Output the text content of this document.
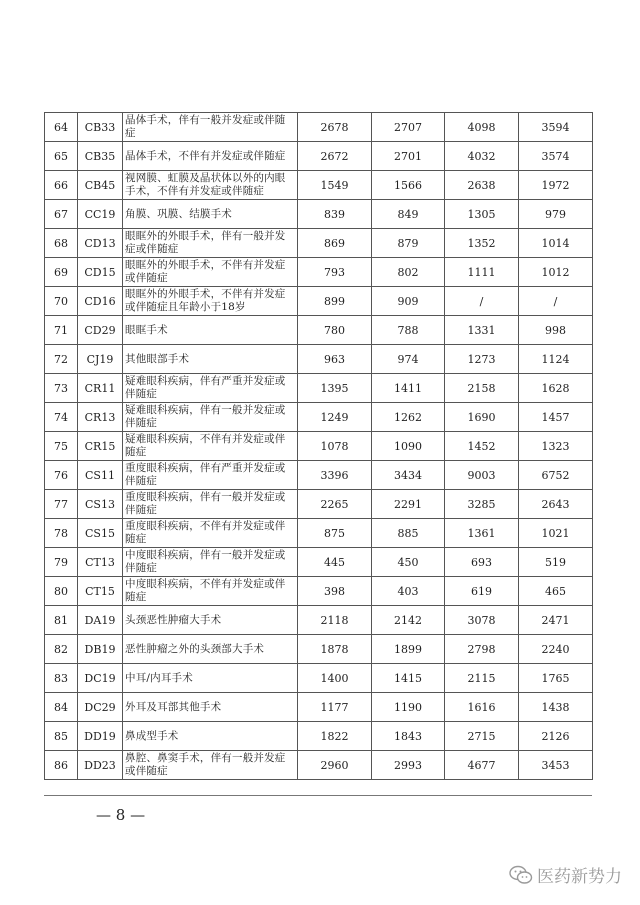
64	CB33	晶体手术，伴有一般并发症或伴随症	2678	2707	4098	3594
65	CB35	晶体手术，不伴有并发症或伴随症	2672	2701	4032	3574
66	CB45	视网膜、虹膜及晶状体以外的内眼手术，不伴有并发症或伴随症	1549	1566	2638	1972
67	CC19	角膜、巩膜、结膜手术	839	849	1305	979
68	CD13	眼眶外的外眼手术，伴有一般并发症或伴随症	869	879	1352	1014
69	CD15	眼眶外的外眼手术，不伴有并发症或伴随症	793	802	1111	1012
70	CD16	眼眶外的外眼手术，不伴有并发症或伴随症且年龄小于18岁	899	909	/	/
71	CD29	眼眶手术	780	788	1331	998
72	CJ19	其他眼部手术	963	974	1273	1124
73	CR11	疑难眼科疾病，伴有严重并发症或伴随症	1395	1411	2158	1628
74	CR13	疑难眼科疾病，伴有一般并发症或伴随症	1249	1262	1690	1457
75	CR15	疑难眼科疾病，不伴有并发症或伴随症	1078	1090	1452	1323
76	CS11	重度眼科疾病，伴有严重并发症或伴随症	3396	3434	9003	6752
77	CS13	重度眼科疾病，伴有一般并发症或伴随症	2265	2291	3285	2643
78	CS15	重度眼科疾病，不伴有并发症或伴随症	875	885	1361	1021
79	CT13	中度眼科疾病，伴有一般并发症或伴随症	445	450	693	519
80	CT15	中度眼科疾病，不伴有并发症或伴随症	398	403	619	465
81	DA19	头颈恶性肿瘤大手术	2118	2142	3078	2471
82	DB19	恶性肿瘤之外的头颈部大手术	1878	1899	2798	2240
83	DC19	中耳/内耳手术	1400	1415	2115	1765
84	DC29	外耳及耳部其他手术	1177	1190	1616	1438
85	DD19	鼻成型手术	1822	1843	2715	2126
86	DD23	鼻腔、鼻窦手术，伴有一般并发症或伴随症	2960	2993	4677	3453
— 8 —
医药新势力
